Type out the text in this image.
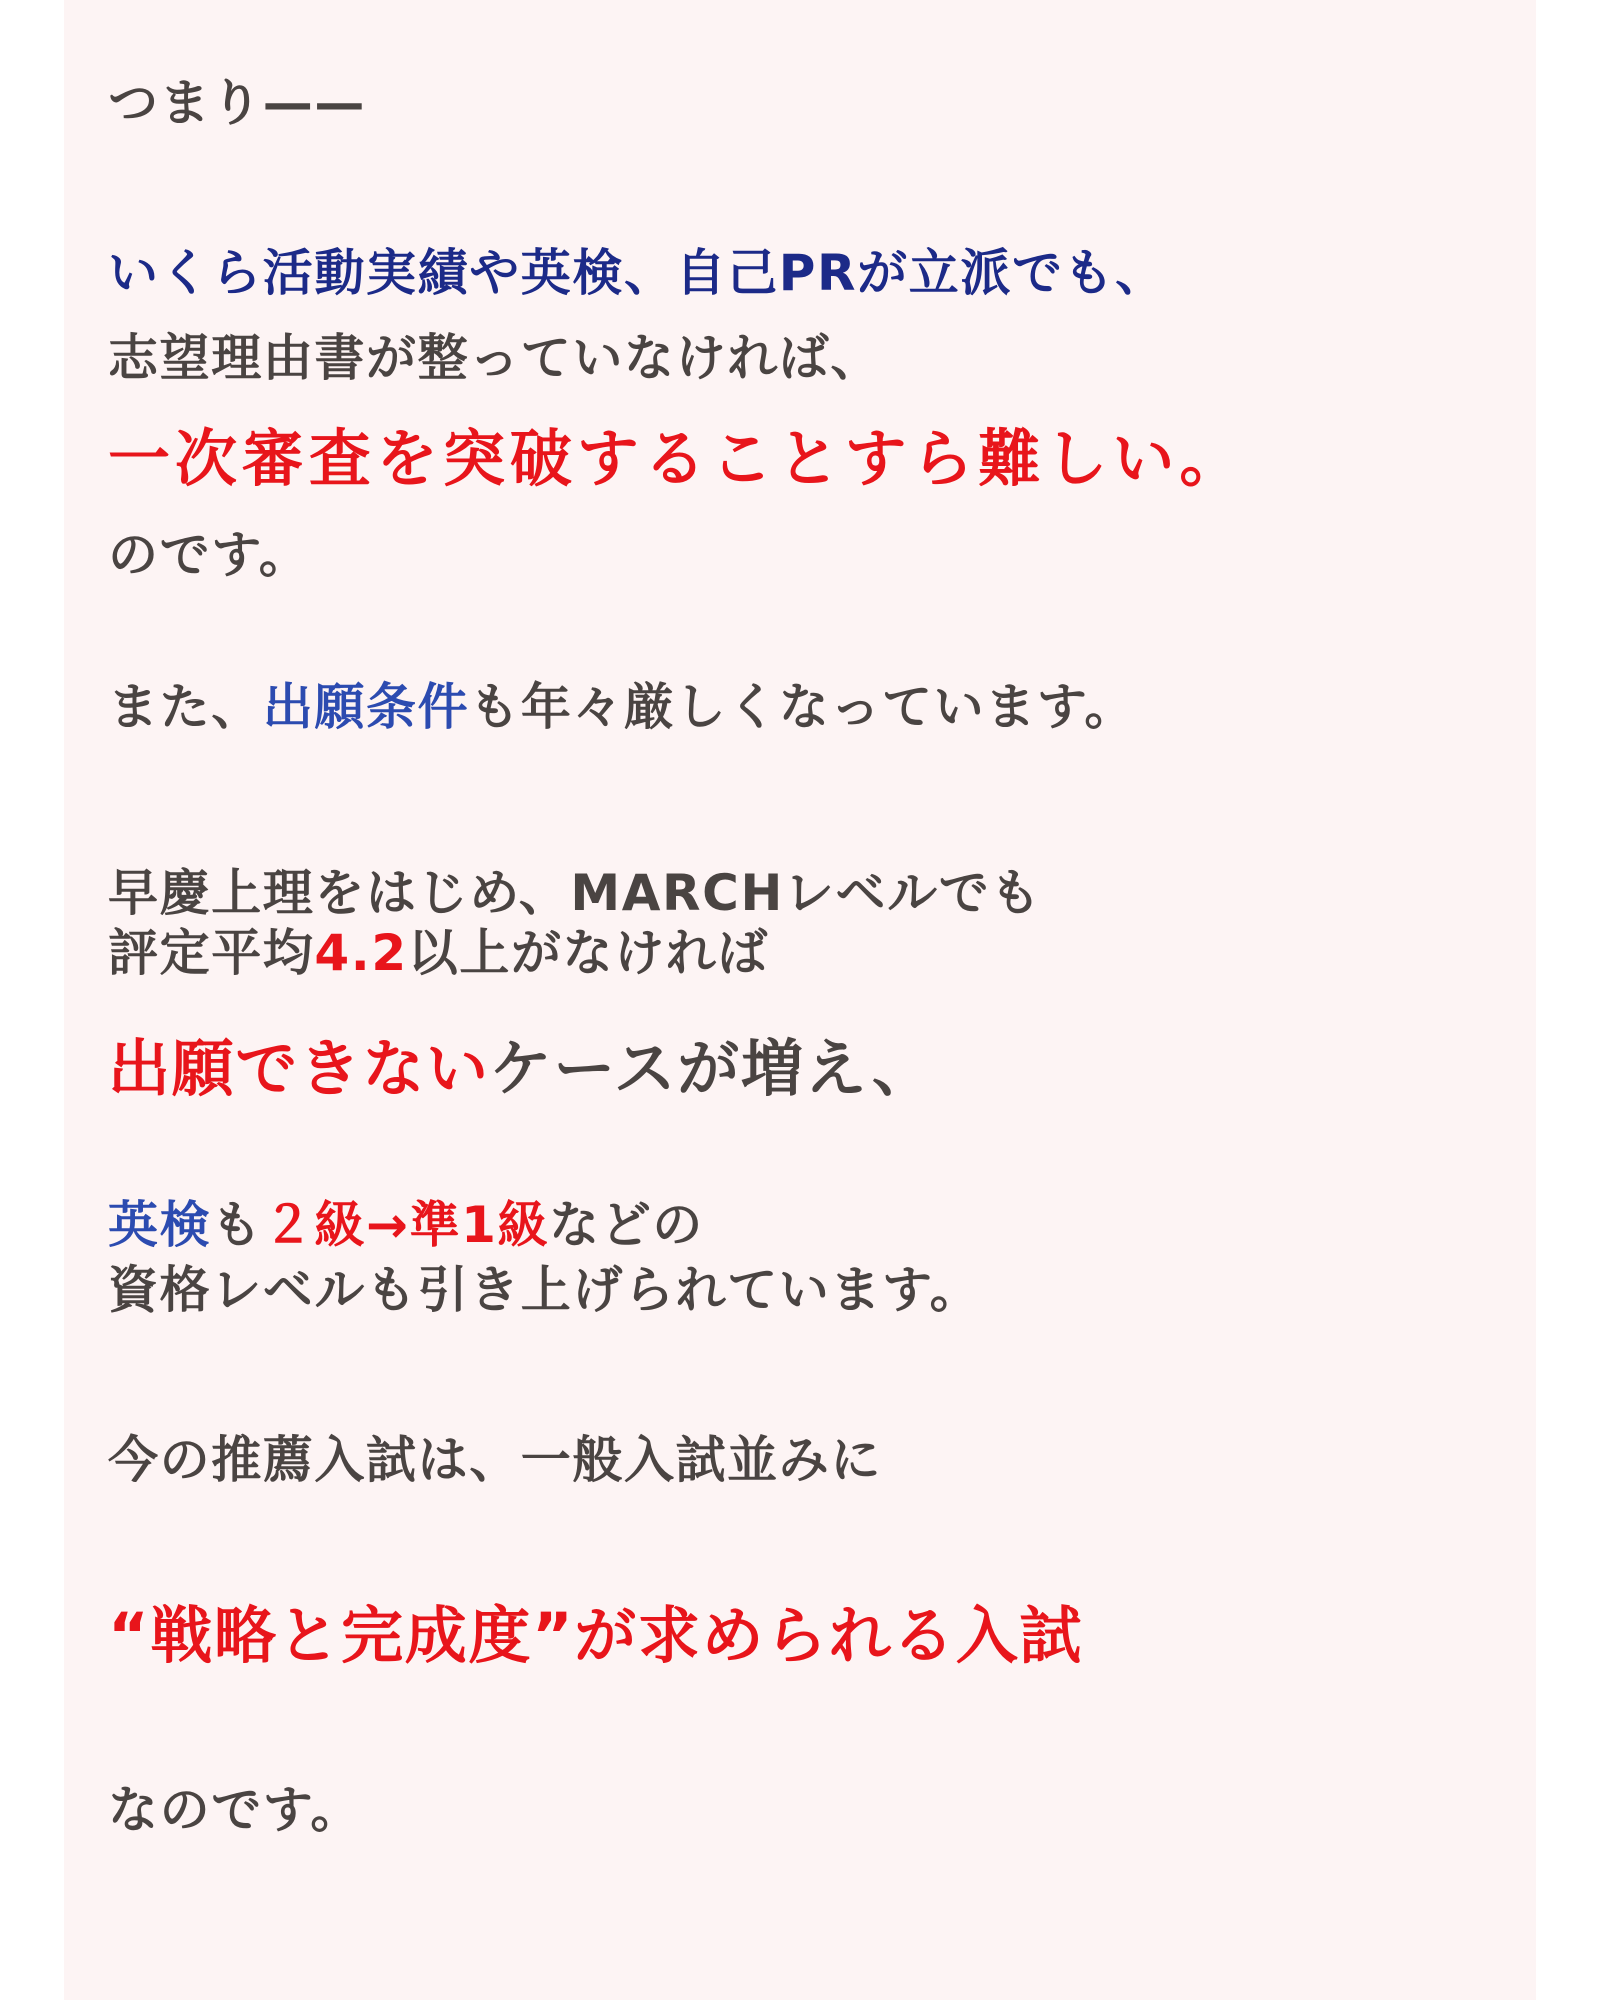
つまり——
いくら活動実績や英検、自己PRが立派でも、
志望理由書が整っていなければ、
一次審査を突破することすら難しい。
のです。
また、出願条件も年々厳しくなっています。
早慶上理をはじめ、MARCHレベルでも
評定平均4.2以上がなければ
出願できないケースが増え、
英検も２級→準1級などの
資格レベルも引き上げられています。
今の推薦入試は、一般入試並みに
“戦略と完成度”が求められる入試
なのです。
